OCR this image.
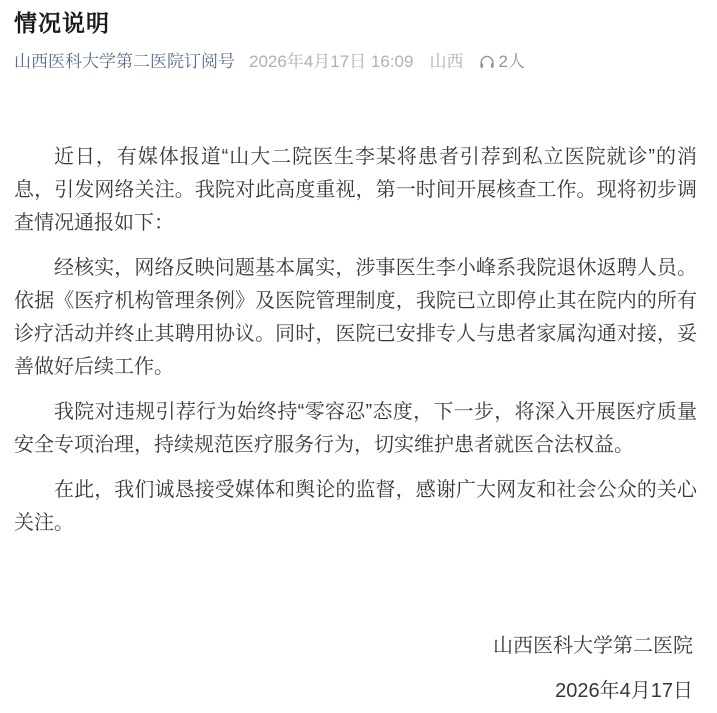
情况说明
山西医科大学第二医院订阅号 2026年4月17日 16:09 山西 2人

近日，有媒体报道“山大二院医生李某将患者引荐到私立医院就诊”的消息，引发网络关注。我院对此高度重视，第一时间开展核查工作。现将初步调查情况通报如下：

经核实，网络反映问题基本属实，涉事医生李小峰系我院退休返聘人员。依据《医疗机构管理条例》及医院管理制度，我院已立即停止其在院内的所有诊疗活动并终止其聘用协议。同时，医院已安排专人与患者家属沟通对接，妥善做好后续工作。

我院对违规引荐行为始终持“零容忍”态度，下一步，将深入开展医疗质量安全专项治理，持续规范医疗服务行为，切实维护患者就医合法权益。

在此，我们诚恳接受媒体和舆论的监督，感谢广大网友和社会公众的关心关注。

山西医科大学第二医院
2026年4月17日
